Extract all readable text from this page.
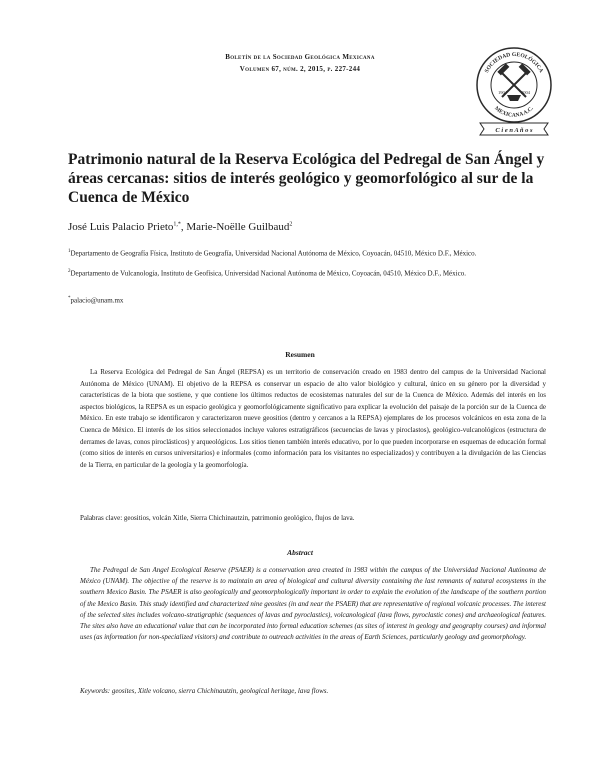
Boletín de la Sociedad Geológica Mexicana
Volumen 67, núm. 2, 2015, p. 227-244	SOCIEDAD GEOLÓGICA
MEXICANA A.C.
1904	2004
C i e n A ñ o s
Patrimonio natural de la Reserva Ecológica del Pedregal de San Ángel y áreas cercanas: sitios de interés geológico y geomorfológico al sur de la Cuenca de México
José Luis Palacio Prieto$^{1,*}$, Marie-Noëlle Guilbaud$^2$
$^1$Departamento de Geografía Física, Instituto de Geografía, Universidad Nacional Autónoma de México, Coyoacán, 04510, México D.F., México.
$^2$Departamento de Vulcanología, Instituto de Geofísica, Universidad Nacional Autónoma de México, Coyoacán, 04510, México D.F., México.
*palacio@unam.mx
Resumen

La Reserva Ecológica del Pedregal de San Ángel (REPSA) es un territorio de conservación creado en 1983 dentro del campus de la Universidad Nacional Autónoma de México (UNAM). El objetivo de la REPSA es conservar un espacio de alto valor biológico y cultural, único en su género por la diversidad y características de la biota que sostiene, y que contiene los últimos reductos de ecosistemas naturales del sur de la Cuenca de México. Además del interés en los aspectos biológicos, la REPSA es un espacio geológica y geomorfológicamente significativo para explicar la evolución del paisaje de la porción sur de la Cuenca de México. En este trabajo se identificaron y caracterizaron nueve geositios (dentro y cercanos a la REPSA) ejemplares de los procesos volcánicos en esta zona de la Cuenca de México. El interés de los sitios seleccionados incluye valores estratigráficos (secuencias de lavas y piroclastos), geológico-vulcanológicos (estructura de derrames de lavas, conos piroclásticos) y arqueológicos. Los sitios tienen también interés educativo, por lo que pueden incorporarse en esquemas de educación formal (como sitios de interés en cursos universitarios) e informales (como información para los visitantes no especializados) y contribuyen a la divulgación de las Ciencias de la Tierra, en particular de la geología y la geomorfología.

Palabras clave: geositios, volcán Xitle, Sierra Chichinautzin, patrimonio geológico, flujos de lava.
Abstract

The Pedregal de San Angel Ecological Reserve (PSAER) is a conservation area created in 1983 within the campus of the Universidad Nacional Autónoma de México (UNAM). The objective of the reserve is to maintain an area of biological and cultural diversity containing the last remnants of natural ecosystems in the southern Mexico Basin. The PSAER is also geologically and geomorphologically important in order to explain the evolution of the landscape of the southern portion of the Mexico Basin. This study identified and characterized nine geosites (in and near the PSAER) that are representative of regional volcanic processes. The interest of the selected sites includes volcano-stratigraphic (sequences of lavas and pyroclastics), volcanological (lava flows, pyroclastic cones) and archaeological features. The sites also have an educational value that can be incorporated into formal education schemes (as sites of interest in geology and geography courses) and informal uses (as information for non-specialized visitors) and contribute to outreach activities in the areas of Earth Sciences, particularly geology and geomorphology.

Keywords: geosites, Xitle volcano, sierra Chichinautzin, geological heritage, lava flows.
